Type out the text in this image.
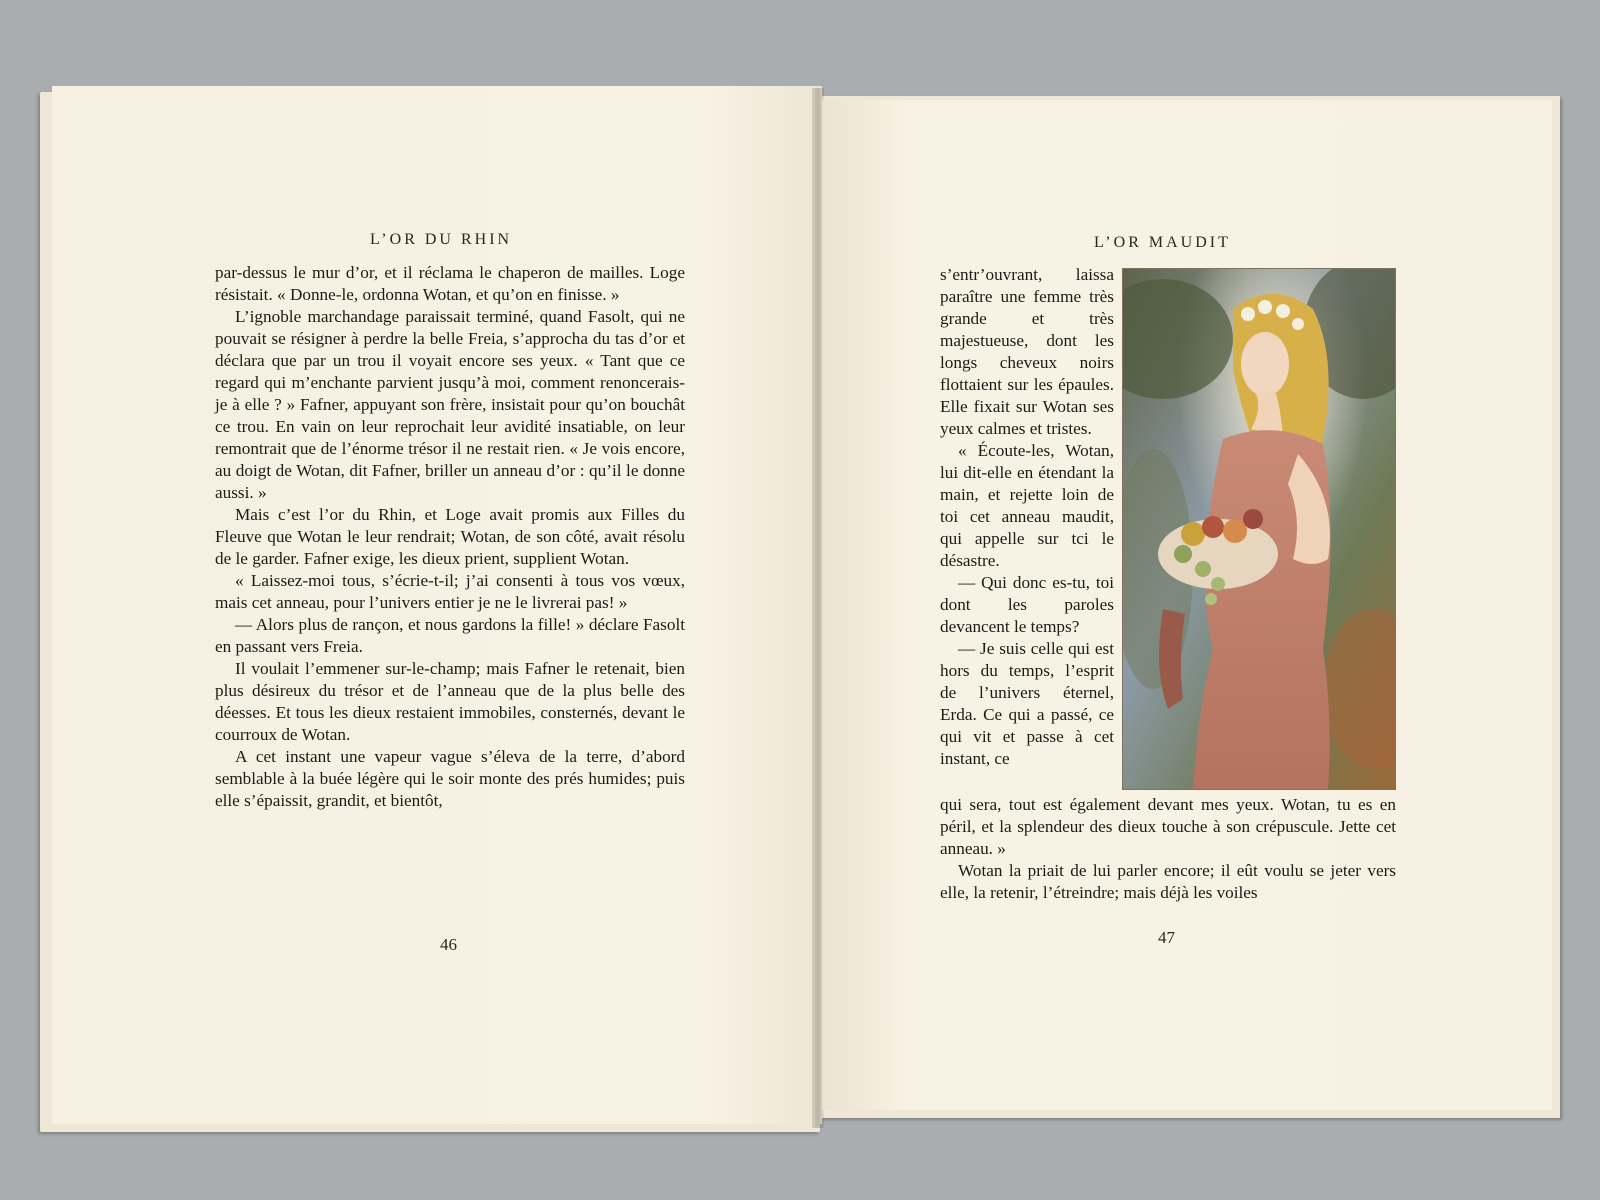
L’OR DU RHIN

par-dessus le mur d’or, et il réclama le chaperon de mailles. Loge résistait. « Donne-le, ordonna Wotan, et qu’on en finisse. »

L’ignoble marchandage paraissait terminé, quand Fasolt, qui ne pouvait se résigner à perdre la belle Freia, s’approcha du tas d’or et déclara que par un trou il voyait encore ses yeux. « Tant que ce regard qui m’enchante parvient jusqu’à moi, comment renoncerais-je à elle ? » Fafner, appuyant son frère, insistait pour qu’on bouchât ce trou. En vain on leur reprochait leur avidité insatiable, on leur remontrait que de l’énorme trésor il ne restait rien. « Je vois encore, au doigt de Wotan, dit Fafner, briller un anneau d’or : qu’il le donne aussi. »

Mais c’est l’or du Rhin, et Loge avait promis aux Filles du Fleuve que Wotan le leur rendrait; Wotan, de son côté, avait résolu de le garder. Fafner exige, les dieux prient, supplient Wotan.

« Laissez-moi tous, s’écrie-t-il; j’ai consenti à tous vos vœux, mais cet anneau, pour l’univers entier je ne le livrerai pas! »

— Alors plus de rançon, et nous gardons la fille! » déclare Fasolt en passant vers Freia.

Il voulait l’emmener sur-le-champ; mais Fafner le retenait, bien plus désireux du trésor et de l’anneau que de la plus belle des déesses. Et tous les dieux restaient immobiles, consternés, devant le courroux de Wotan.

A cet instant une vapeur vague s’éleva de la terre, d’abord semblable à la buée légère qui le soir monte des prés humides; puis elle s’épaissit, grandit, et bientôt,

46
L’OR MAUDIT

s’entr’ouvrant, laissa paraître une femme très grande et très majestueuse, dont les longs cheveux noirs flottaient sur les épaules. Elle fixait sur Wotan ses yeux calmes et tristes.

« Écoute-les, Wotan, lui dit-elle en étendant la main, et rejette loin de toi cet anneau maudit, qui appelle sur tci le désastre.

— Qui donc es-tu, toi dont les paroles devancent le temps?

— Je suis celle qui est hors du temps, l’esprit de l’univers éternel, Erda. Ce qui a passé, ce qui vit et passe à cet instant, ce

qui sera, tout est également devant mes yeux. Wotan, tu es en péril, et la splendeur des dieux touche à son crépuscule. Jette cet anneau. »

Wotan la priait de lui parler encore; il eût voulu se jeter vers elle, la retenir, l’étreindre; mais déjà les voiles

47
